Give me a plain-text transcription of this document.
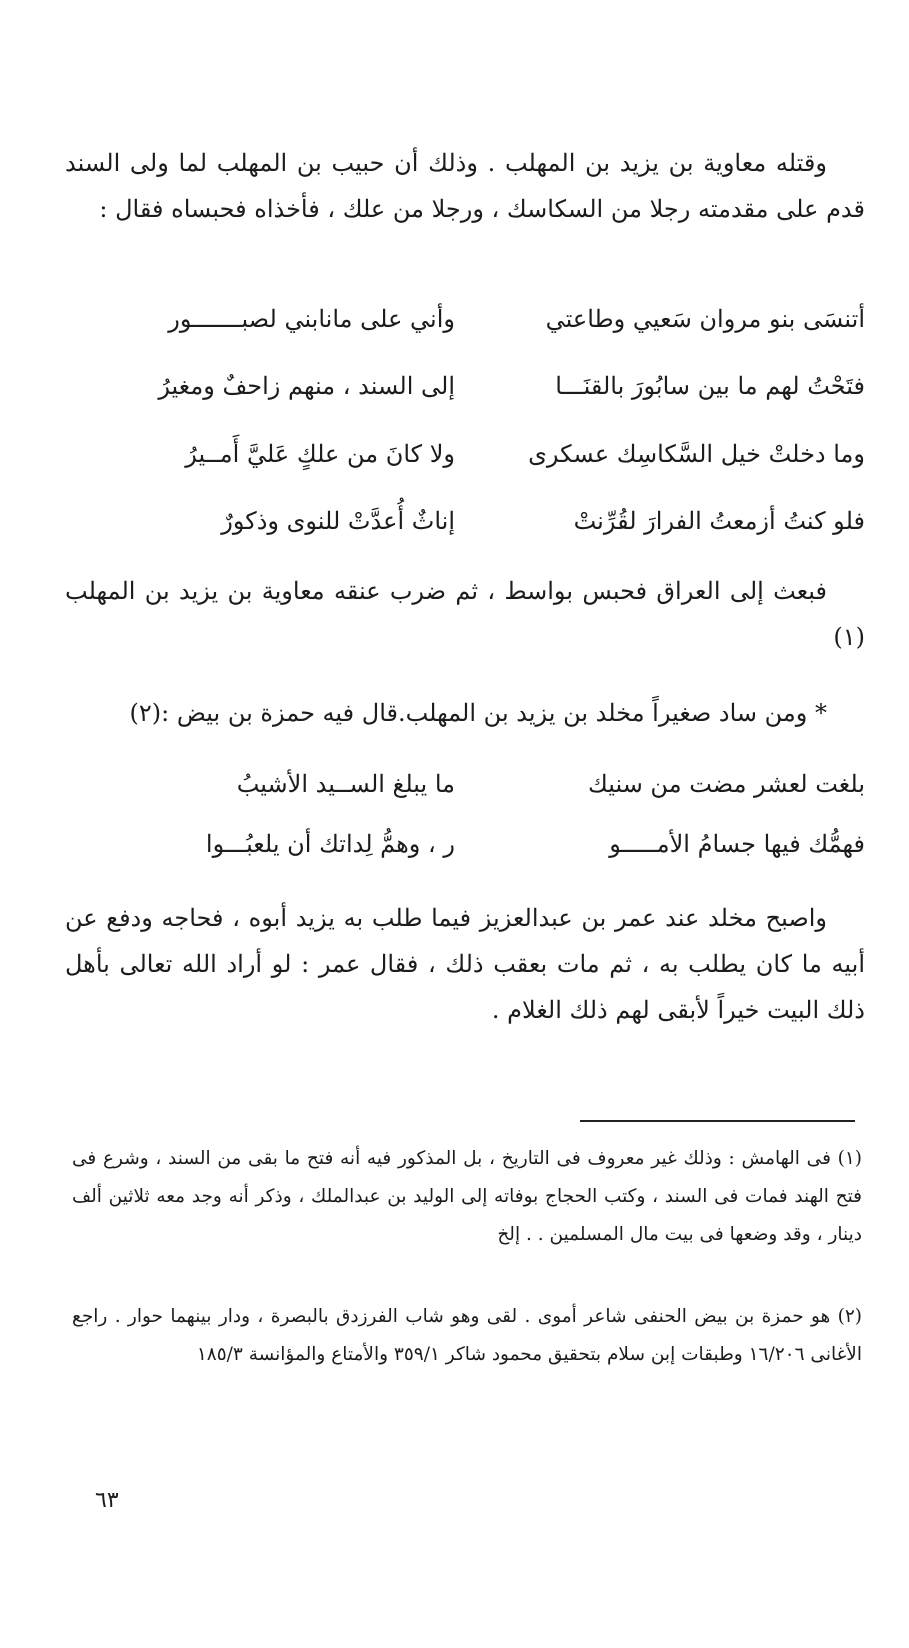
وقتله معاوية بن يزيد بن المهلب . وذلك أن حبيب بن المهلب لما ولى السند قدم على مقدمته رجلا من السكاسك ، ورجلا من علك ، فأخذاه فحبساه فقال :

أتنسَى بنو مروان سَعيي وطاعتي
وأني على ماناب‍ني لصبـــــــور
فتَحْتُ لهم ما بين سابُورَ بالقنَـــا
إلى السند ، منهم زاحفٌ ومغيرُ
وما دخلتْ خيل السَّكاسِك عسكرى
ولا كانَ من علكٍ عَليَّ أَمــيرُ
فلو كنتُ أزمعتُ الفرارَ لقُرِّنتْ
إناثٌ أُعدَّتْ للنوى وذكورٌ

فبعث إلى العراق فحبس بواسط ، ثم ضرب عنقه معاوية بن يزيد بن المهلب (١)

* ومن ساد صغيراً مخلد بن يزيد بن المهلب.قال فيه حمزة بن بيض :(٢)

بلغت لعشر مضت من سنيك
ما يبلغ الســيد الأشيبُ
فهمُّك فيها جسامُ الأمـــــو
ر ، وهمُّ لِداتك أن يلعبُـــوا

واصبح مخلد عند عمر بن عبدالعزيز فيما طلب به يزيد أبوه ، فحاجه ودفع عن أبيه ما كان يطلب به ، ثم مات بعقب ذلك ، فقال عمر : لو أراد الله تعالى بأهل ذلك البيت خيراً لأبقى لهم ذلك الغلام .

(١) فى الهامش : وذلك غير معروف فى التاريخ ، بل المذكور فيه أنه فتح ما بقى من السند ، وشرع فى فتح الهند فمات فى السند ، وكتب الحجاج بوفاته إلى الوليد بن عبدالملك ، وذكر أنه وجد معه ثلاثين ألف دينار ، وقد وضعها فى بيت مال المسلمين . . إلخ

(٢) هو حمزة بن بيض الحنفى شاعر أموى . لقى وهو شاب الفرزدق بالبصرة ، ودار بينهما حوار . راجع الأغانى ١٦/٢٠٦ وطبقات إبن سلام بتحقيق محمود شاكر ٣٥٩/١ والأمتاع والمؤانسة ١٨٥/٣

٦٣
